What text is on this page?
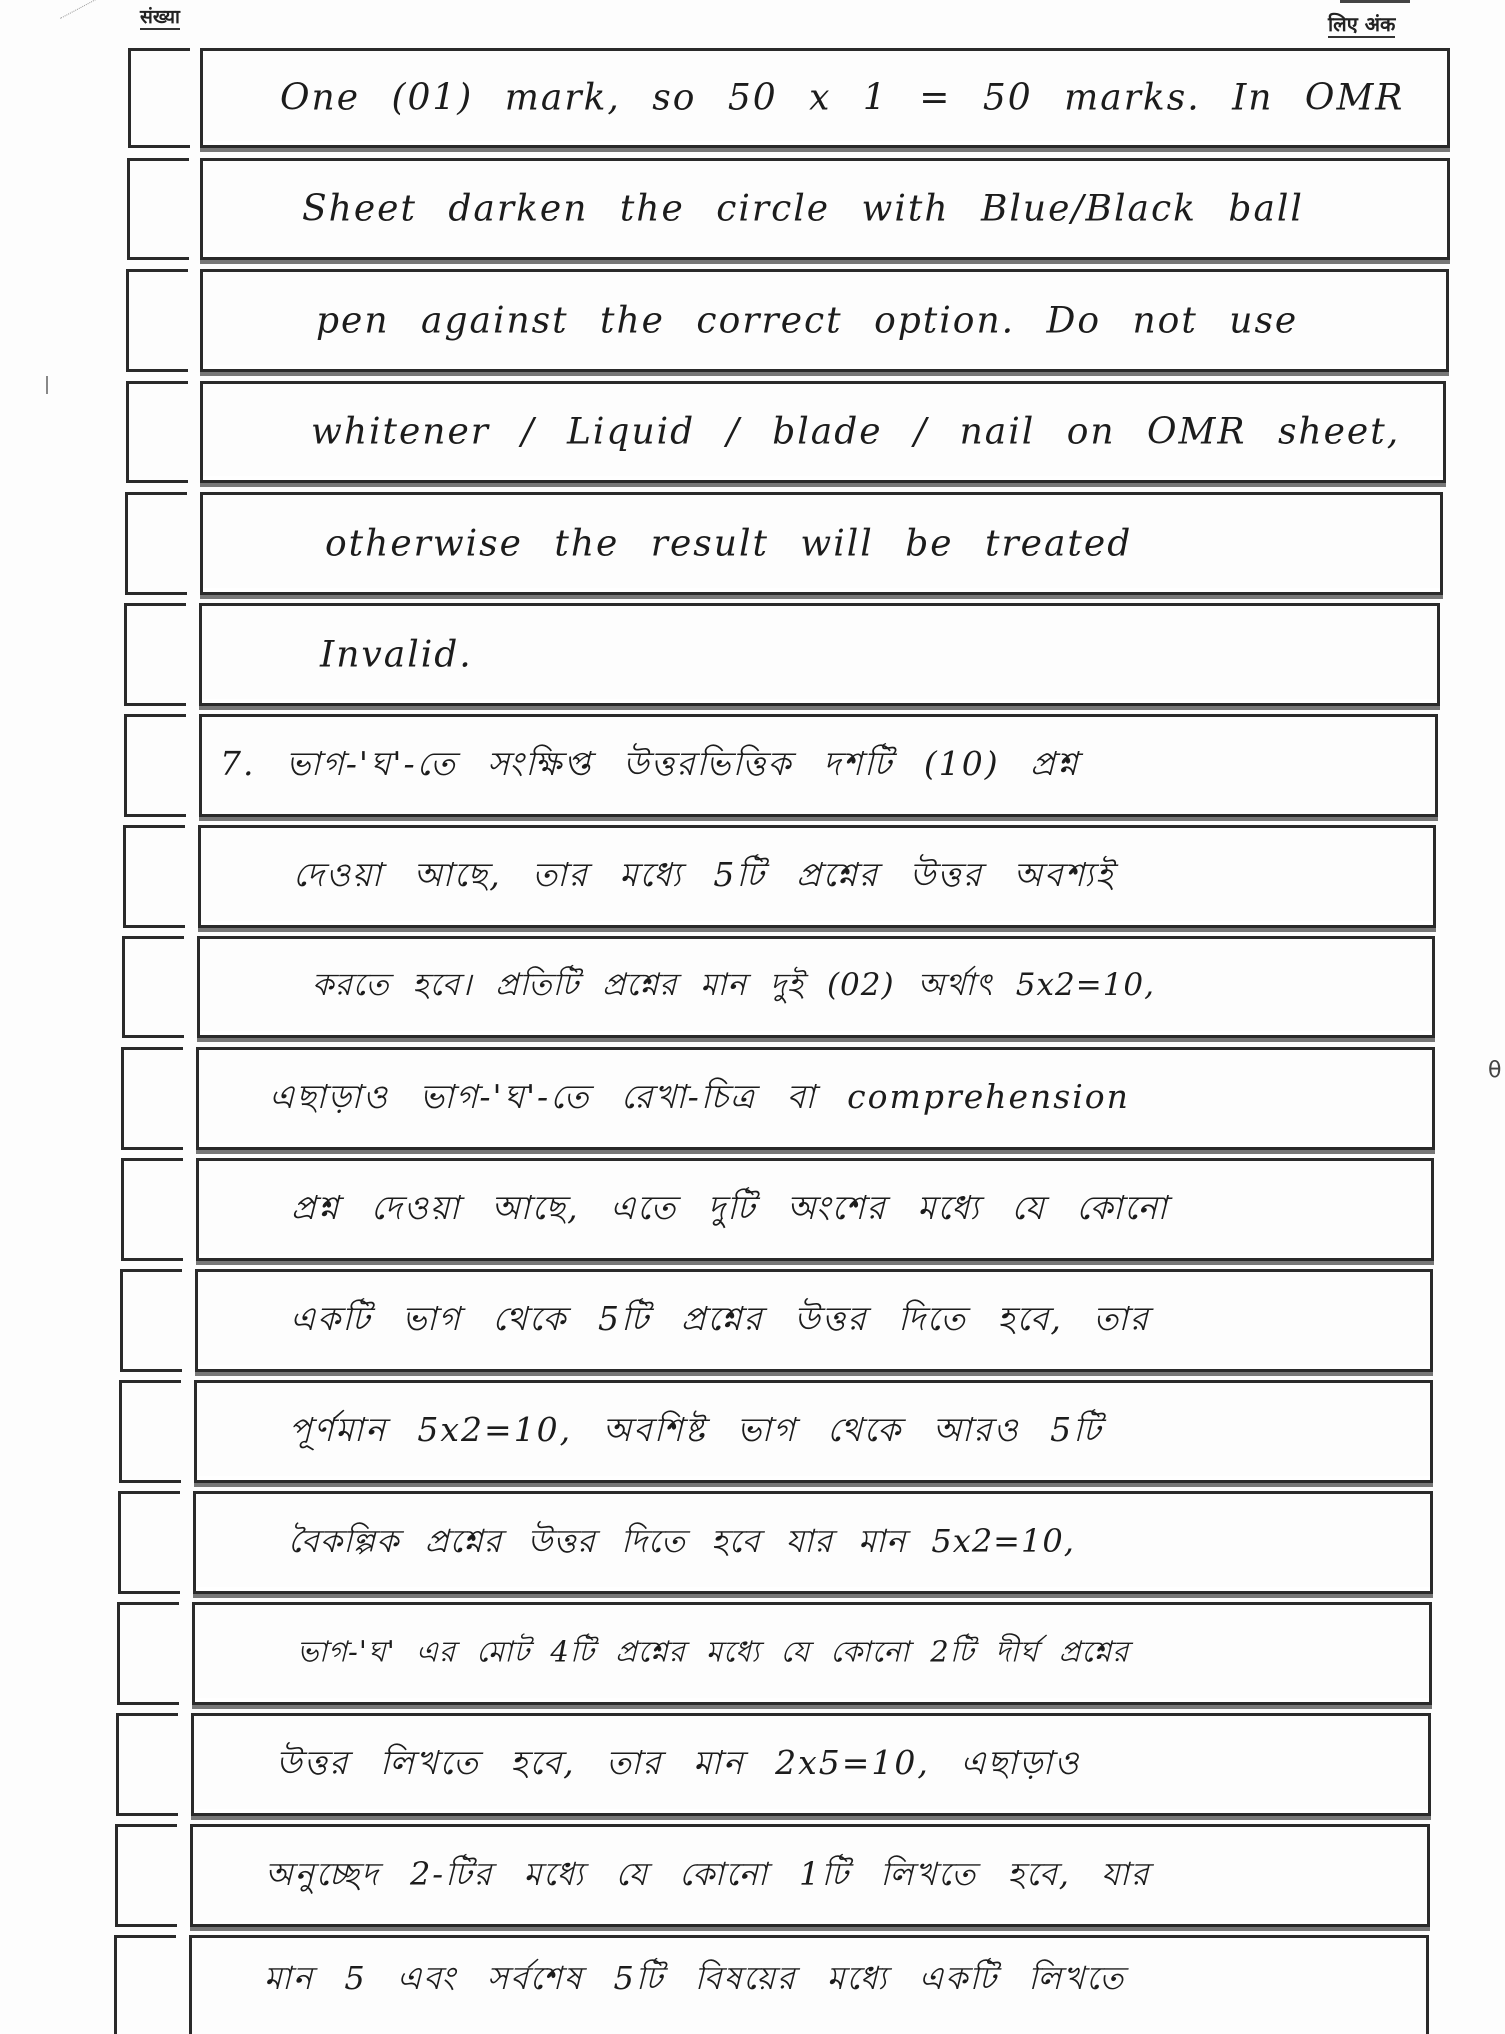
संख्या	लिए अंक
θ
One (01) mark, so 50 x 1 = 50 marks. In OMR
Sheet darken the circle with Blue/Black ball
pen against the correct option. Do not use
whitener / Liquid / blade / nail on OMR sheet,
otherwise the result will be treated
Invalid.
7. ভাগ-'ঘ'-তে সংক্ষিপ্ত উত্তরভিত্তিক দশটি (10) প্রশ্ন
দেওয়া আছে, তার মধ্যে 5টি প্রশ্নের উত্তর অবশ্যই
করতে হবে। প্রতিটি প্রশ্নের মান দুই (02) অর্থাৎ 5x2=10,
এছাড়াও ভাগ-'ঘ'-তে রেখা-চিত্র বা comprehension
প্রশ্ন দেওয়া আছে, এতে দুটি অংশের মধ্যে যে কোনো
একটি ভাগ থেকে 5টি প্রশ্নের উত্তর দিতে হবে, তার
পূর্ণমান 5x2=10, অবশিষ্ট ভাগ থেকে আরও 5টি
বৈকল্পিক প্রশ্নের উত্তর দিতে হবে যার মান 5x2=10,
ভাগ-'ঘ' এর মোট 4টি প্রশ্নের মধ্যে যে কোনো 2টি দীর্ঘ প্রশ্নের
উত্তর লিখতে হবে, তার মান 2x5=10, এছাড়াও
অনুচ্ছেদ 2-টির মধ্যে যে কোনো 1টি লিখতে হবে, যার
মান 5 এবং সর্বশেষ 5টি বিষয়ের মধ্যে একটি লিখতে
